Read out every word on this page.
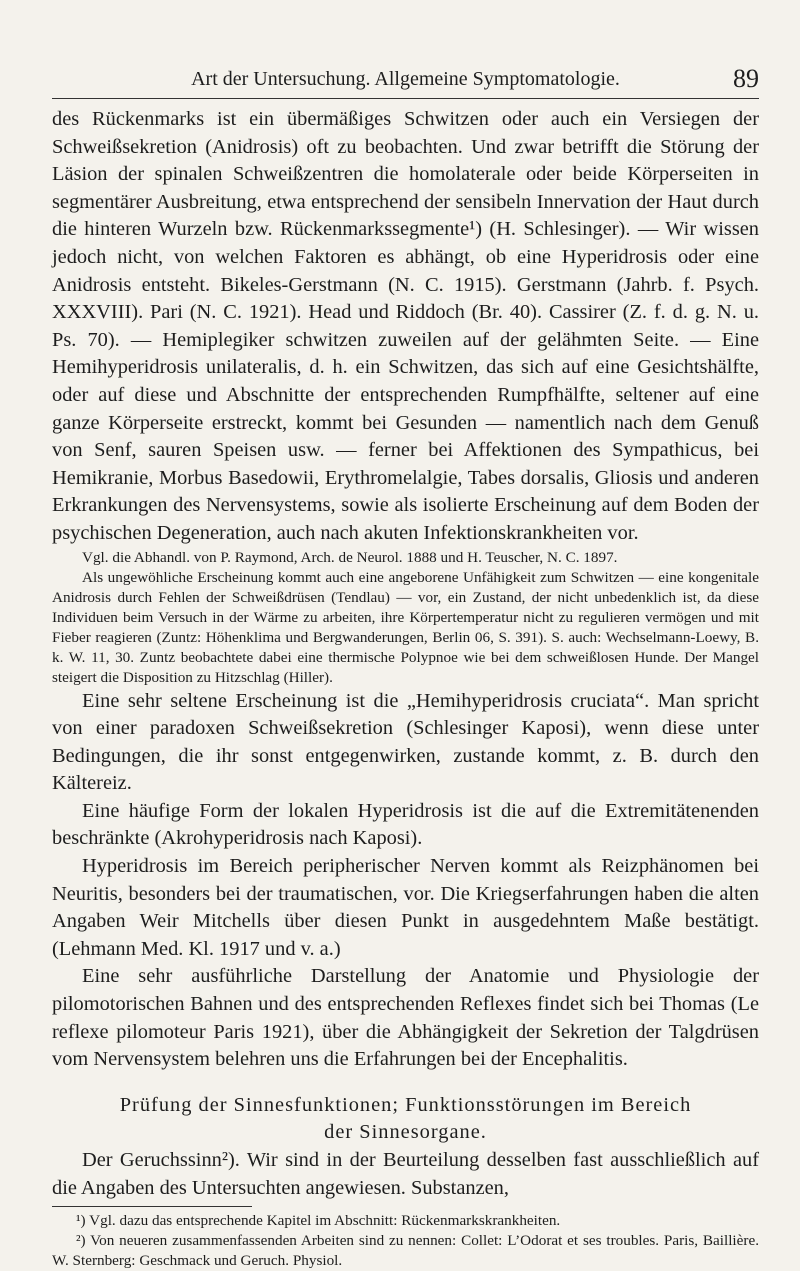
Art der Untersuchung. Allgemeine Symptomatologie.	89

des Rückenmarks ist ein übermäßiges Schwitzen oder auch ein Versiegen der Schweißsekretion (Anidrosis) oft zu beobachten. Und zwar betrifft die Störung der Läsion der spinalen Schweißzentren die homolaterale oder beide Körperseiten in segmentärer Ausbreitung, etwa entsprechend der sensibeln Innervation der Haut durch die hinteren Wurzeln bzw. Rückenmarkssegmente¹) (H. Schlesinger). — Wir wissen jedoch nicht, von welchen Faktoren es abhängt, ob eine Hyperidrosis oder eine Anidrosis entsteht. Bikeles-Gerstmann (N. C. 1915). Gerstmann (Jahrb. f. Psych. XXXVIII). Pari (N. C. 1921). Head und Riddoch (Br. 40). Cassirer (Z. f. d. g. N. u. Ps. 70). — Hemiplegiker schwitzen zuweilen auf der gelähmten Seite. — Eine Hemihyperidrosis unilateralis, d. h. ein Schwitzen, das sich auf eine Gesichtshälfte, oder auf diese und Abschnitte der entsprechenden Rumpfhälfte, seltener auf eine ganze Körperseite erstreckt, kommt bei Gesunden — namentlich nach dem Genuß von Senf, sauren Speisen usw. — ferner bei Affektionen des Sympathicus, bei Hemikranie, Morbus Basedowii, Erythromelalgie, Tabes dorsalis, Gliosis und anderen Erkrankungen des Nervensystems, sowie als isolierte Erscheinung auf dem Boden der psychischen Degeneration, auch nach akuten Infektionskrankheiten vor.

Vgl. die Abhandl. von P. Raymond, Arch. de Neurol. 1888 und H. Teuscher, N. C. 1897.

Als ungewöhliche Erscheinung kommt auch eine angeborene Unfähigkeit zum Schwitzen — eine kongenitale Anidrosis durch Fehlen der Schweißdrüsen (Tendlau) — vor, ein Zustand, der nicht unbedenklich ist, da diese Individuen beim Versuch in der Wärme zu arbeiten, ihre Körpertemperatur nicht zu regulieren vermögen und mit Fieber reagieren (Zuntz: Höhenklima und Bergwanderungen, Berlin 06, S. 391). S. auch: Wechselmann-Loewy, B. k. W. 11, 30. Zuntz beobachtete dabei eine thermische Polypnoe wie bei dem schweißlosen Hunde. Der Mangel steigert die Disposition zu Hitzschlag (Hiller).

Eine sehr seltene Erscheinung ist die „Hemihyperidrosis cruciata“. Man spricht von einer paradoxen Schweißsekretion (Schlesinger Kaposi), wenn diese unter Bedingungen, die ihr sonst entgegenwirken, zustande kommt, z. B. durch den Kältereiz.

Eine häufige Form der lokalen Hyperidrosis ist die auf die Extremitätenenden beschränkte (Akrohyperidrosis nach Kaposi).

Hyperidrosis im Bereich peripherischer Nerven kommt als Reizphänomen bei Neuritis, besonders bei der traumatischen, vor. Die Kriegserfahrungen haben die alten Angaben Weir Mitchells über diesen Punkt in ausgedehntem Maße bestätigt. (Lehmann Med. Kl. 1917 und v. a.)

Eine sehr ausführliche Darstellung der Anatomie und Physiologie der pilomotorischen Bahnen und des entsprechenden Reflexes findet sich bei Thomas (Le reflexe pilomoteur Paris 1921), über die Abhängigkeit der Sekretion der Talgdrüsen vom Nervensystem belehren uns die Erfahrungen bei der Encephalitis.

Prüfung der Sinnesfunktionen; Funktionsstörungen im Bereich
der Sinnesorgane.

Der Geruchssinn²). Wir sind in der Beurteilung desselben fast ausschließlich auf die Angaben des Untersuchten angewiesen. Substanzen,

¹) Vgl. dazu das entsprechende Kapitel im Abschnitt: Rückenmarkskrankheiten.

²) Von neueren zusammenfassenden Arbeiten sind zu nennen: Collet: L’Odorat et ses troubles. Paris, Baillière. W. Sternberg: Geschmack und Geruch. Physiol.
